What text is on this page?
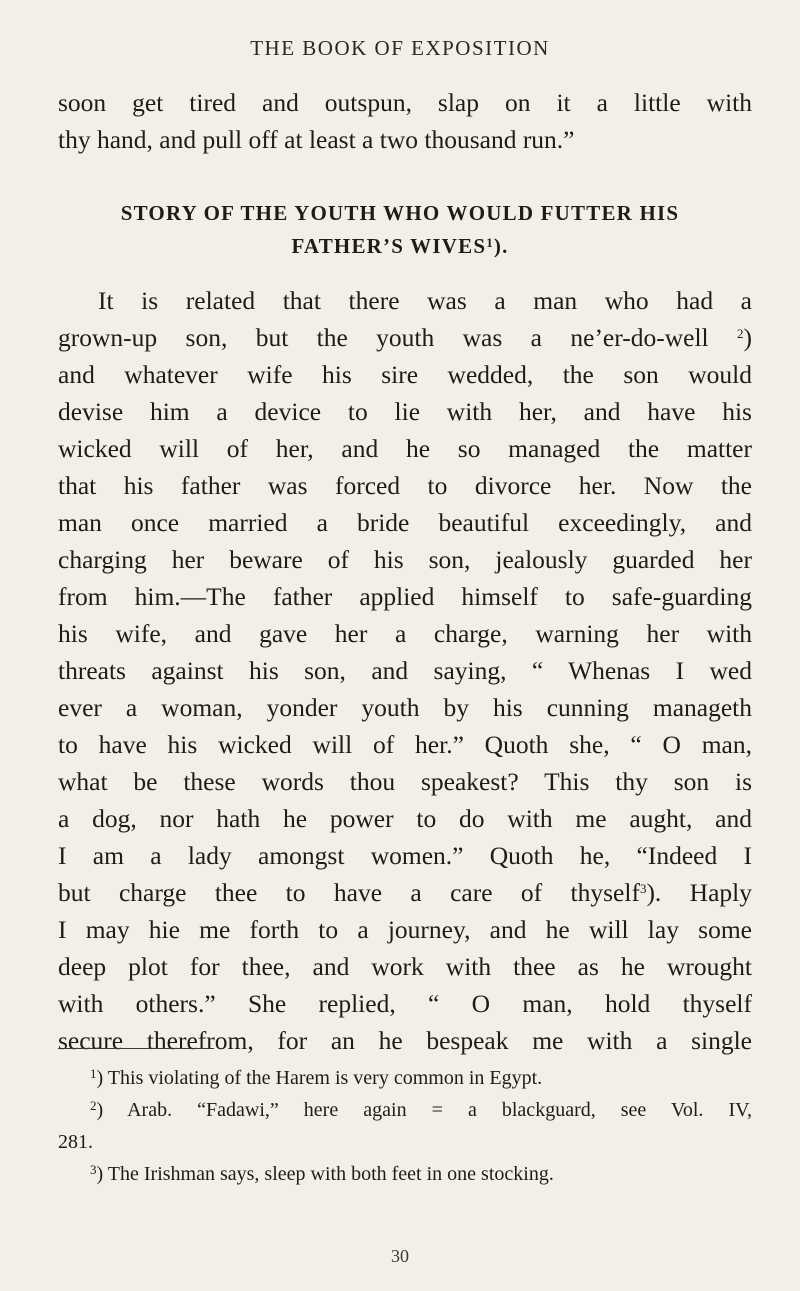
THE BOOK OF EXPOSITION
soon get tired and outspun, slap on it a little with
thy hand, and pull off at least a two thousand run.”
STORY OF THE YOUTH WHO WOULD FUTTER HIS
FATHER’S WIVES$^1$).
It is related that there was a man who had a
grown-up son, but the youth was a ne’er-do-well $^2$)
and whatever wife his sire wedded, the son would
devise him a device to lie with her, and have his
wicked will of her, and he so managed the matter
that his father was forced to divorce her. Now the
man once married a bride beautiful exceedingly, and
charging her beware of his son, jealously guarded her
from him.—The father applied himself to safe-guarding
his wife, and gave her a charge, warning her with
threats against his son, and saying, “ Whenas I wed
ever a woman, yonder youth by his cunning manageth
to have his wicked will of her.” Quoth she, “ O man,
what be these words thou speakest? This thy son is
a dog, nor hath he power to do with me aught, and
I am a lady amongst women.” Quoth he, “Indeed I
but charge thee to have a care of thyself$^3$). Haply
I may hie me forth to a journey, and he will lay some
deep plot for thee, and work with thee as he wrought
with others.” She replied, “ O man, hold thyself
secure therefrom, for an he bespeak me with a single
$^1$) This violating of the Harem is very common in Egypt.
$^2$) Arab. “Fadawi,” here again = a blackguard, see Vol. IV,
281.
$^3$) The Irishman says, sleep with both feet in one stocking.
30
